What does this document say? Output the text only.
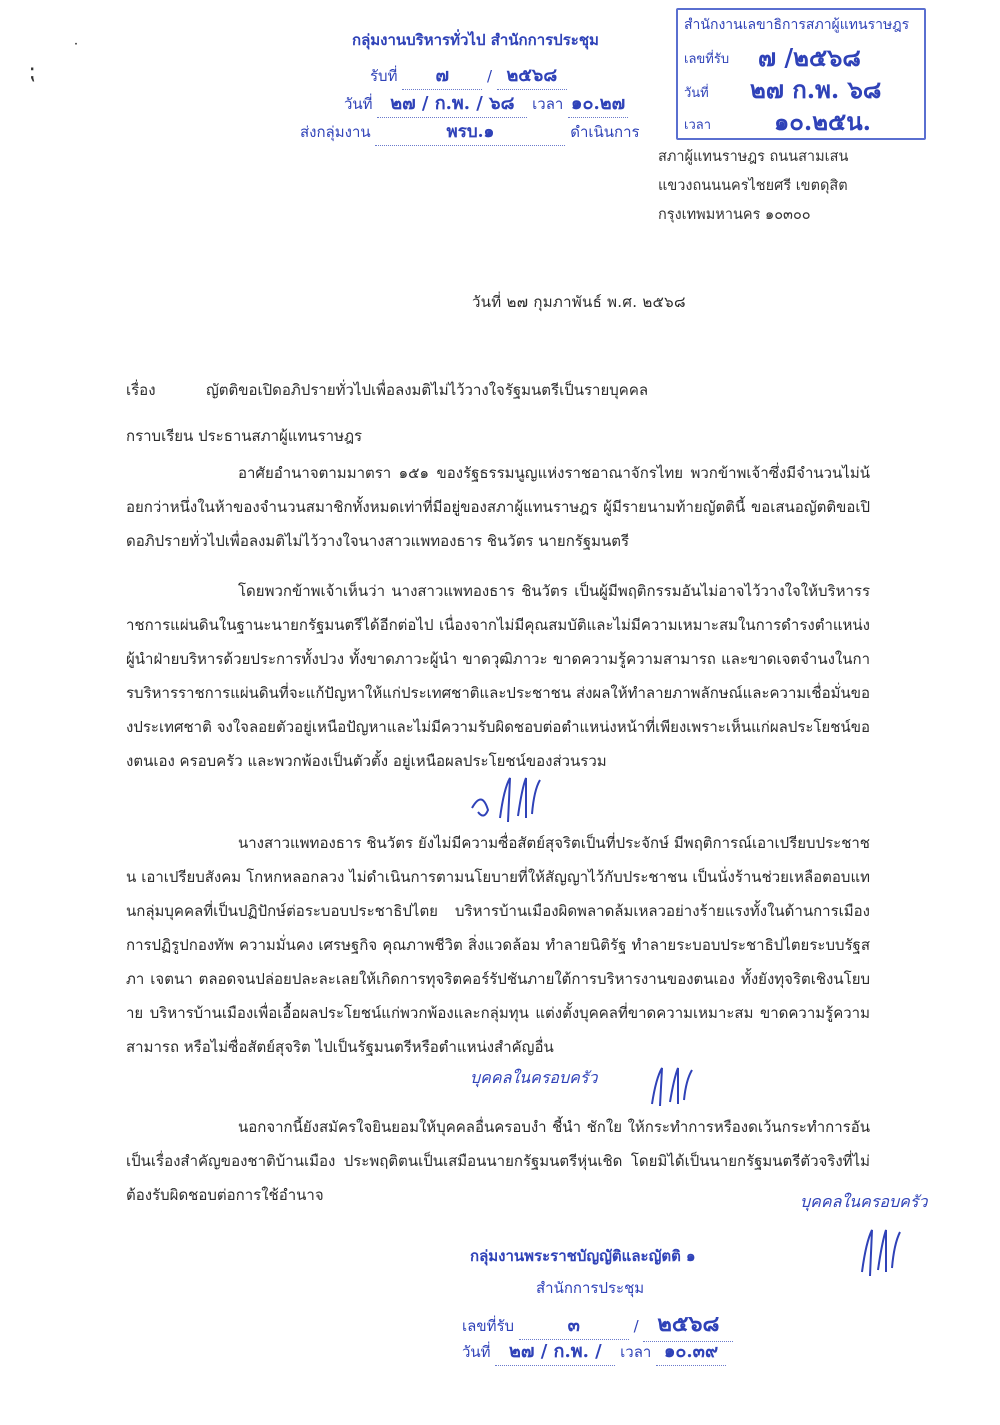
⁏
˙	กลุ่มงานบริหารทั่วไป สำนักการประชุม
รับที่ ๗ / ๒๕๖๘
วันที่ ๒๗ / ก.พ. / ๖๘ เวลา ๑๐.๒๗
ส่งกลุ่มงาน	พรบ.๑	ดำเนินการ
สำนักงานเลขาธิการสภาผู้แทนราษฎร
เลขที่รับ ๗ /๒๕๖๘
วันที่ ๒๗ ก.พ. ๖๘
เวลา	๑๐.๒๕น.
สภาผู้แทนราษฎร ถนนสามเสน
แขวงถนนนครไชยศรี เขตดุสิต
กรุงเทพมหานคร ๑๐๓๐๐
วันที่ ๒๗ กุมภาพันธ์ พ.ศ. ๒๕๖๘
เรื่อง	ญัตติขอเปิดอภิปรายทั่วไปเพื่อลงมติไม่ไว้วางใจรัฐมนตรีเป็นรายบุคคล
กราบเรียน ประธานสภาผู้แทนราษฎร
อาศัยอำนาจตามมาตรา ๑๕๑ ของรัฐธรรมนูญแห่งราชอาณาจักรไทย พวกข้าพเจ้าซึ่งมีจำนวนไม่น้อยกว่าหนึ่งในห้าของจำนวนสมาชิกทั้งหมดเท่าที่มีอยู่ของสภาผู้แทนราษฎร ผู้มีรายนามท้ายญัตตินี้ ขอเสนอญัตติขอเปิดอภิปรายทั่วไปเพื่อลงมติไม่ไว้วางใจนางสาวแพทองธาร ชินวัตร นายกรัฐมนตรี
โดยพวกข้าพเจ้าเห็นว่า นางสาวแพทองธาร ชินวัตร เป็นผู้มีพฤติกรรมอันไม่อาจไว้วางใจให้บริหารราชการแผ่นดินในฐานะนายกรัฐมนตรีได้อีกต่อไป เนื่องจากไม่มีคุณสมบัติและไม่มีความเหมาะสมในการดำรงตำแหน่งผู้นำฝ่ายบริหารด้วยประการทั้งปวง ทั้งขาดภาวะผู้นำ ขาดวุฒิภาวะ ขาดความรู้ความสามารถ และขาดเจตจำนงในการบริหารราชการแผ่นดินที่จะแก้ปัญหาให้แก่ประเทศชาติและประชาชน ส่งผลให้ทำลายภาพลักษณ์และความเชื่อมั่นของประเทศชาติ จงใจลอยตัวอยู่เหนือปัญหาและไม่มีความรับผิดชอบต่อตำแหน่งหน้าที่เพียงเพราะเห็นแก่ผลประโยชน์ของตนเอง ครอบครัว และพวกพ้องเป็นตัวตั้ง อยู่เหนือผลประโยชน์ของส่วนรวม
นางสาวแพทองธาร ชินวัตร ยังไม่มีความซื่อสัตย์สุจริตเป็นที่ประจักษ์ มีพฤติการณ์เอาเปรียบประชาชน เอาเปรียบสังคม โกหกหลอกลวง ไม่ดำเนินการตามนโยบายที่ให้สัญญาไว้กับประชาชน เป็นนั่งร้านช่วยเหลือตอบแทนกลุ่มบุคคลที่เป็นปฏิปักษ์ต่อระบอบประชาธิปไตย บริหารบ้านเมืองผิดพลาดล้มเหลวอย่างร้ายแรงทั้งในด้านการเมือง การปฏิรูปกองทัพ ความมั่นคง เศรษฐกิจ คุณภาพชีวิต สิ่งแวดล้อม ทำลายนิติรัฐ ทำลายระบอบประชาธิปไตยระบบรัฐสภา เจตนา ตลอดจนปล่อยปละละเลยให้เกิดการทุจริตคอร์รัปชันภายใต้การบริหารงานของตนเอง ทั้งยังทุจริตเชิงนโยบาย บริหารบ้านเมืองเพื่อเอื้อผลประโยชน์แก่พวกพ้องและกลุ่มทุน แต่งตั้งบุคคลที่ขาดความเหมาะสม ขาดความรู้ความสามารถ หรือไม่ซื่อสัตย์สุจริต ไปเป็นรัฐมนตรีหรือตำแหน่งสำคัญอื่น
นอกจากนี้ยังสมัครใจยินยอมให้บุคคลอื่นครอบงำ ชี้นำ ชักใย ให้กระทำการหรืองดเว้นกระทำการอันเป็นเรื่องสำคัญของชาติบ้านเมือง ประพฤติตนเป็นเสมือนนายกรัฐมนตรีหุ่นเชิด โดยมิได้เป็นนายกรัฐมนตรีตัวจริงที่ไม่ต้องรับผิดชอบต่อการใช้อำนาจ
บุคคลในครอบครัว
บุคคลในครอบครัว
กลุ่มงานพระราชบัญญัติและญัตติ ๑
สำนักการประชุม
เลขที่รับ	๓	/ ๒๕๖๘
วันที่ ๒๗ / ก.พ. / เวลา ๑๐.๓๙
